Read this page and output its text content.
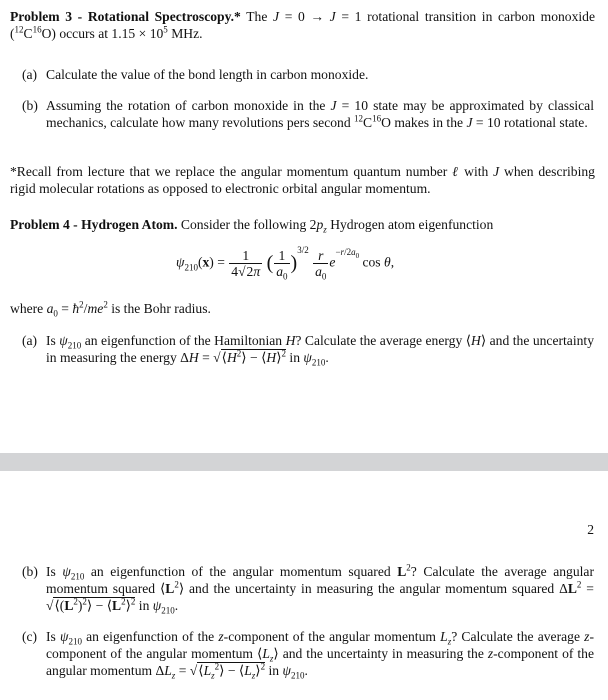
Problem 3 - Rotational Spectroscopy.* The J = 0 → J = 1 rotational transition in carbon monoxide $(^{12}C^{16}O)$ occurs at $1.15 \times 10^5$ MHz.
(a) Calculate the value of the bond length in carbon monoxide.
(b) Assuming the rotation of carbon monoxide in the J = 10 state may be approximated by classical mechanics, calculate how many revolutions pers second $^{12}C^{16}O$ makes in the J = 10 rotational state.
*Recall from lecture that we replace the angular momentum quantum number ℓ with J when describing rigid molecular rotations as opposed to electronic orbital angular momentum.
Problem 4 - Hydrogen Atom. Consider the following $2p_z$ Hydrogen atom eigenfunction
$\psi_{210}(x) = \frac{1}{4√2\pi}$ ( $\frac{1}{a_0} )^{3/2} \frac{r}{a_0} e^{-r/2a_0}$ cos θ,
where $a_0$ = $ħ^2/me^2$ is the Bohr radius.
(a) Is $\psi_{210}$ an eigenfunction of the Hamiltonian H? Calculate the average energy ⟨H⟩ and the uncertainty in measuring the energy $\Delta H = √⟨H^2⟩$ − ⟨H⟩$^2$ in $\psi_{210}$.
2
(b) Is $\psi_{210}$ an eigenfunction of the angular momentum squared $L^2$? Calculate the average angular momentum squared $⟨L^2⟩$ and the uncertainty in measuring the angular momentum squared $\Delta L^2$ = $√⟨(L^2)^2⟩$ − $⟨L^2⟩^2$ in $\psi_{210}$.
(c) Is $\psi_{210}$ an eigenfunction of the z-component of the angular momentum $L_z$? Calculate the average z-component of the angular momentum $⟨L_z⟩$ and the uncertainty in measuring the z-component of the angular momentum $\Delta L_z$ = $√⟨L_z^2⟩$ − $⟨L_z⟩^2$ in $\psi_{210}$.
